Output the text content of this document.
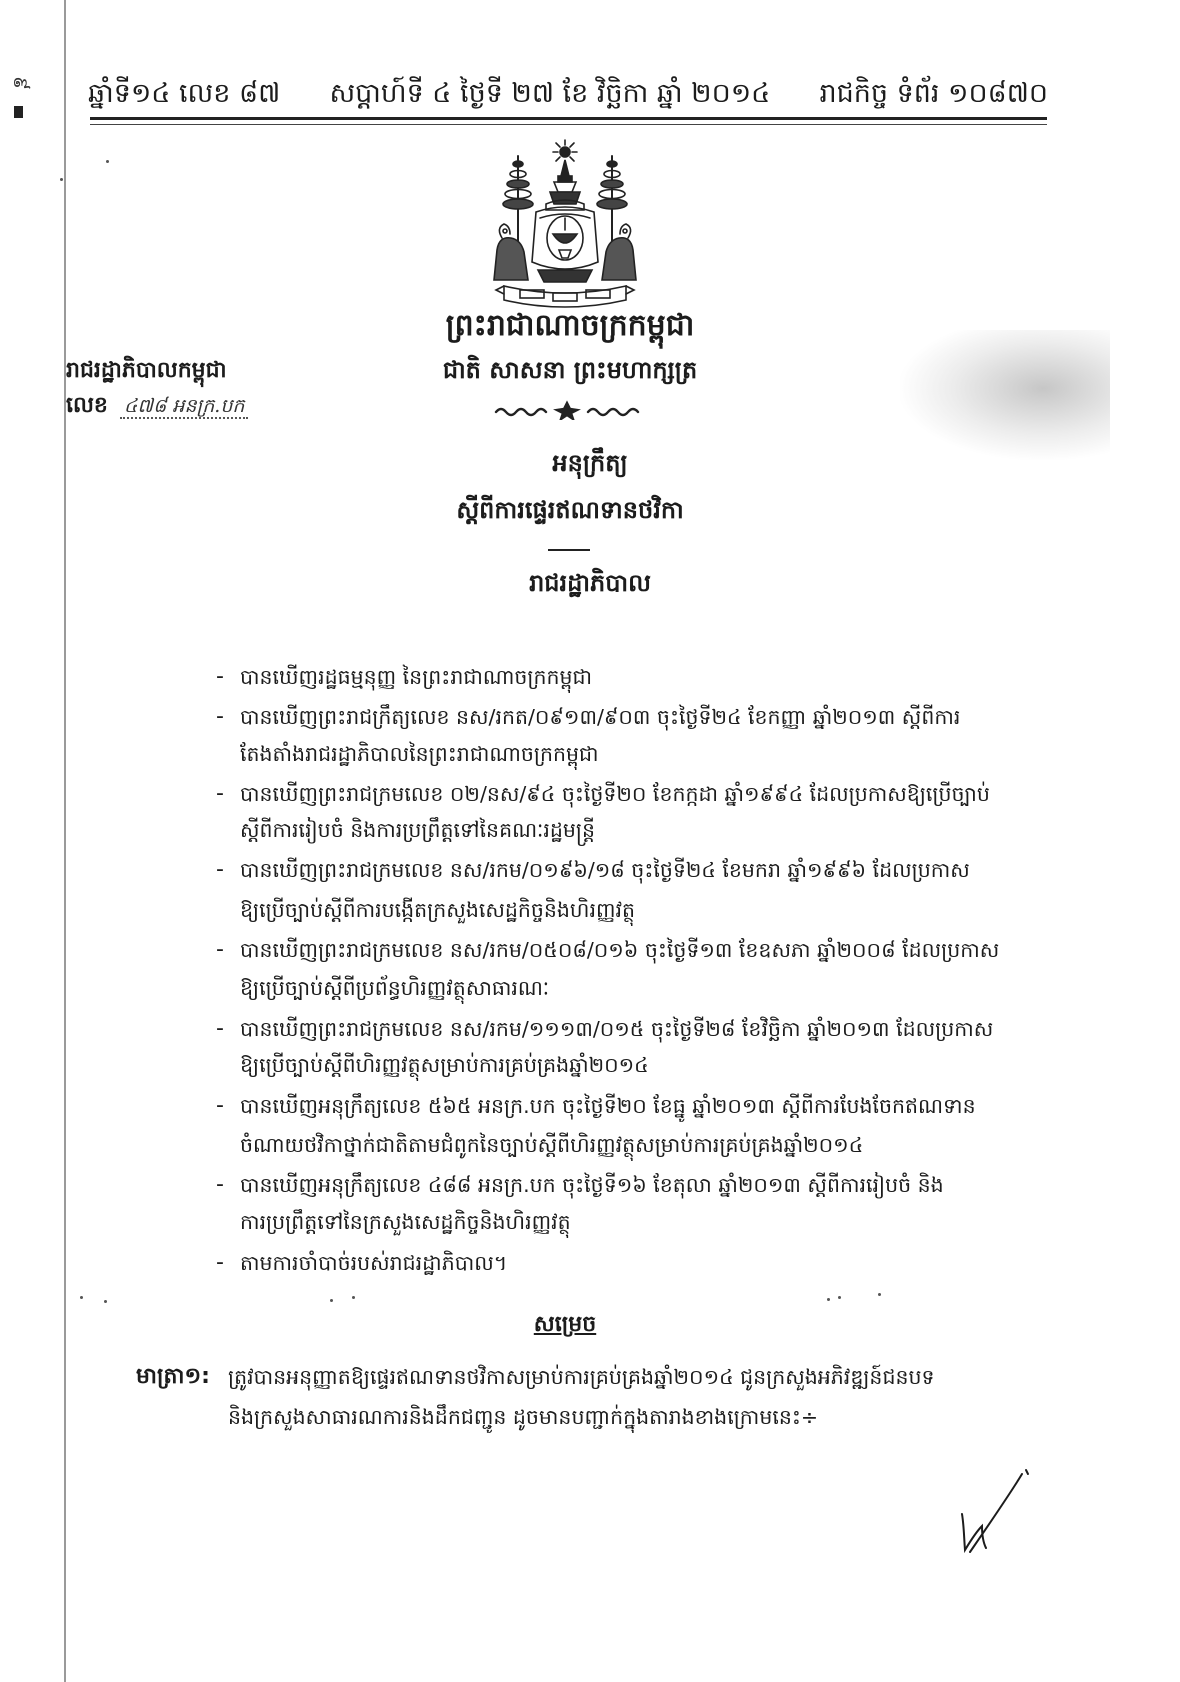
៩ ឆ្នាំទី១៤ លេខ ៨៧ សប្តាហ៍ទី ៤ ថ្ងៃទី ២៧ ខែ វិច្ឆិកា ឆ្នាំ ២០១៤ រាជកិច្ច ទំព័រ ១០៨៧០
ព្រះរាជាណាចក្រកម្ពុជា
ជាតិ សាសនា ព្រះមហាក្សត្រ
រាជរដ្ឋាភិបាលកម្ពុជា
លេខ ៤៧៨ អនក្រ.បក
អនុក្រឹត្យ
ស្តីពីការផ្ទេរឥណទានថវិកា
រាជរដ្ឋាភិបាល
- បានឃើញរដ្ឋធម្មនុញ្ញ នៃព្រះរាជាណាចក្រកម្ពុជា
- បានឃើញព្រះរាជក្រឹត្យលេខ នស/រកត/០៩១៣/៩០៣ ចុះថ្ងៃទី២៤ ខែកញ្ញា ឆ្នាំ២០១៣ ស្តីពីការ
តែងតាំងរាជរដ្ឋាភិបាលនៃព្រះរាជាណាចក្រកម្ពុជា
- បានឃើញព្រះរាជក្រមលេខ ០២/នស/៩៤ ចុះថ្ងៃទី២០ ខែកក្កដា ឆ្នាំ១៩៩៤ ដែលប្រកាសឱ្យប្រើច្បាប់
ស្តីពីការរៀបចំ និងការប្រព្រឹត្តទៅនៃគណៈរដ្ឋមន្ត្រី
- បានឃើញព្រះរាជក្រមលេខ នស/រកម/០១៩៦/១៨ ចុះថ្ងៃទី២៤ ខែមករា ឆ្នាំ១៩៩៦ ដែលប្រកាស
ឱ្យប្រើច្បាប់ស្តីពីការបង្កើតក្រសួងសេដ្ឋកិច្ចនិងហិរញ្ញវត្ថុ
- បានឃើញព្រះរាជក្រមលេខ នស/រកម/០៥០៨/០១៦ ចុះថ្ងៃទី១៣ ខែឧសភា ឆ្នាំ២០០៨ ដែលប្រកាស
ឱ្យប្រើច្បាប់ស្តីពីប្រព័ន្ធហិរញ្ញវត្ថុសាធារណៈ
- បានឃើញព្រះរាជក្រមលេខ នស/រកម/១១១៣/០១៥ ចុះថ្ងៃទី២៨ ខែវិច្ឆិកា ឆ្នាំ២០១៣ ដែលប្រកាស
ឱ្យប្រើច្បាប់ស្តីពីហិរញ្ញវត្ថុសម្រាប់ការគ្រប់គ្រងឆ្នាំ២០១៤
- បានឃើញអនុក្រឹត្យលេខ ៥៦៥ អនក្រ.បក ចុះថ្ងៃទី២០ ខែធ្នូ ឆ្នាំ២០១៣ ស្តីពីការបែងចែកឥណទាន
ចំណាយថវិកាថ្នាក់ជាតិតាមជំពូកនៃច្បាប់ស្តីពីហិរញ្ញវត្ថុសម្រាប់ការគ្រប់គ្រងឆ្នាំ២០១៤
- បានឃើញអនុក្រឹត្យលេខ ៤៨៨ អនក្រ.បក ចុះថ្ងៃទី១៦ ខែតុលា ឆ្នាំ២០១៣ ស្តីពីការរៀបចំ និង
ការប្រព្រឹត្តទៅនៃក្រសួងសេដ្ឋកិច្ចនិងហិរញ្ញវត្ថុ
- តាមការចាំបាច់របស់រាជរដ្ឋាភិបាល។
សម្រេច
មាត្រា១: ត្រូវបានអនុញ្ញាតឱ្យផ្ទេរឥណទានថវិកាសម្រាប់ការគ្រប់គ្រងឆ្នាំ២០១៤ ជូនក្រសួងអភិវឌ្ឍន៍ជនបទ
និងក្រសួងសាធារណការនិងដឹកជញ្ជូន ដូចមានបញ្ជាក់ក្នុងតារាងខាងក្រោមនេះ÷
